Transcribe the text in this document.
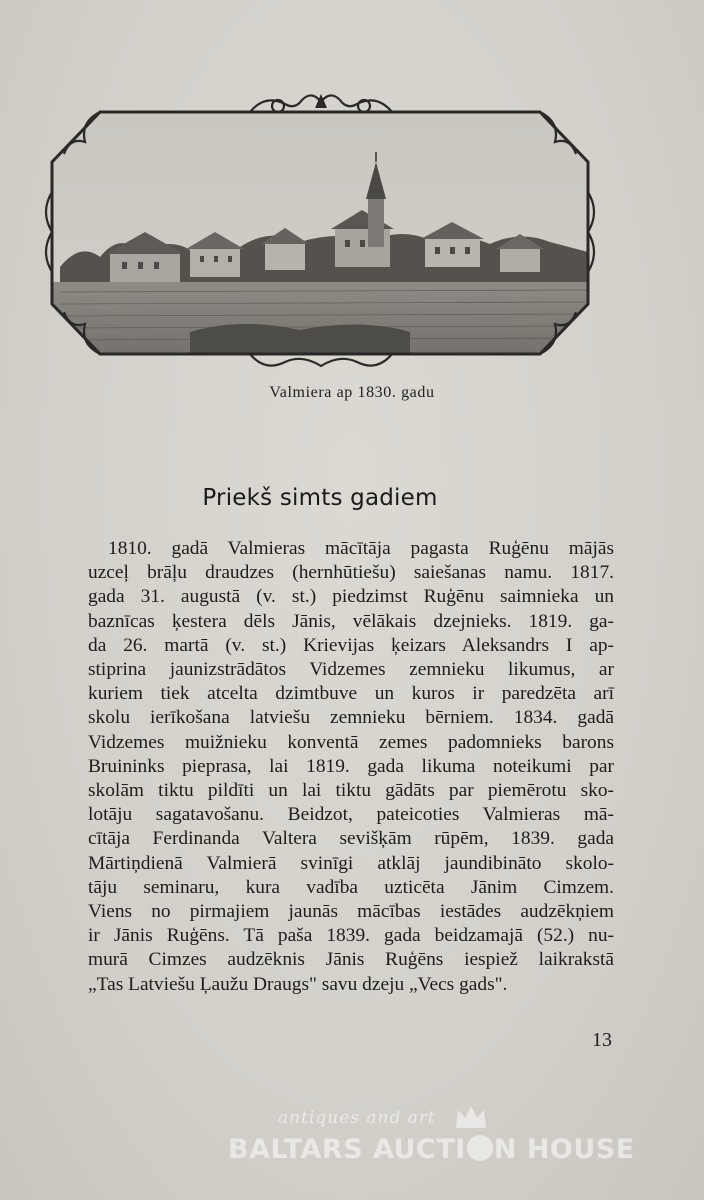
Valmiera ap 1830. gadu
Priekš simts gadiem
1810. gadā Valmieras mācītāja pagasta Ruģēnu mājās
uzceļ brāļu draudzes (hernhūtiešu) saiešanas namu. 1817.
gada 31. augustā (v. st.) piedzimst Ruģēnu saimnieka un
baznīcas ķestera dēls Jānis, vēlākais dzejnieks. 1819. ga-
da 26. martā (v. st.) Krievijas ķeizars Aleksandrs I ap-
stiprina jaunizstrādātos Vidzemes zemnieku likumus, ar
kuriem tiek atcelta dzimtbuve un kuros ir paredzēta arī
skolu ierīkošana latviešu zemnieku bērniem. 1834. gadā
Vidzemes muižnieku konventā zemes padomnieks barons
Bruininks pieprasa, lai 1819. gada likuma noteikumi par
skolām tiktu pildīti un lai tiktu gādāts par piemērotu sko-
lotāju sagatavošanu. Beidzot, pateicoties Valmieras mā-
cītāja Ferdinanda Valtera sevišķām rūpēm, 1839. gada
Mārtiņdienā Valmierā svinīgi atklāj jaundibināto skolo-
tāju seminaru, kura vadība uzticēta Jānim Cimzem.
Viens no pirmajiem jaunās mācības iestādes audzēkņiem
ir Jānis Ruģēns. Tā paša 1839. gada beidzamajā (52.) nu-
murā Cimzes audzēknis Jānis Ruģēns iespiež laikrakstā
„Tas Latviešu Ļaužu Draugs" savu dzeju „Vecs gads".
13
antiques and art
BALTARS AUCTI N HOUSE
